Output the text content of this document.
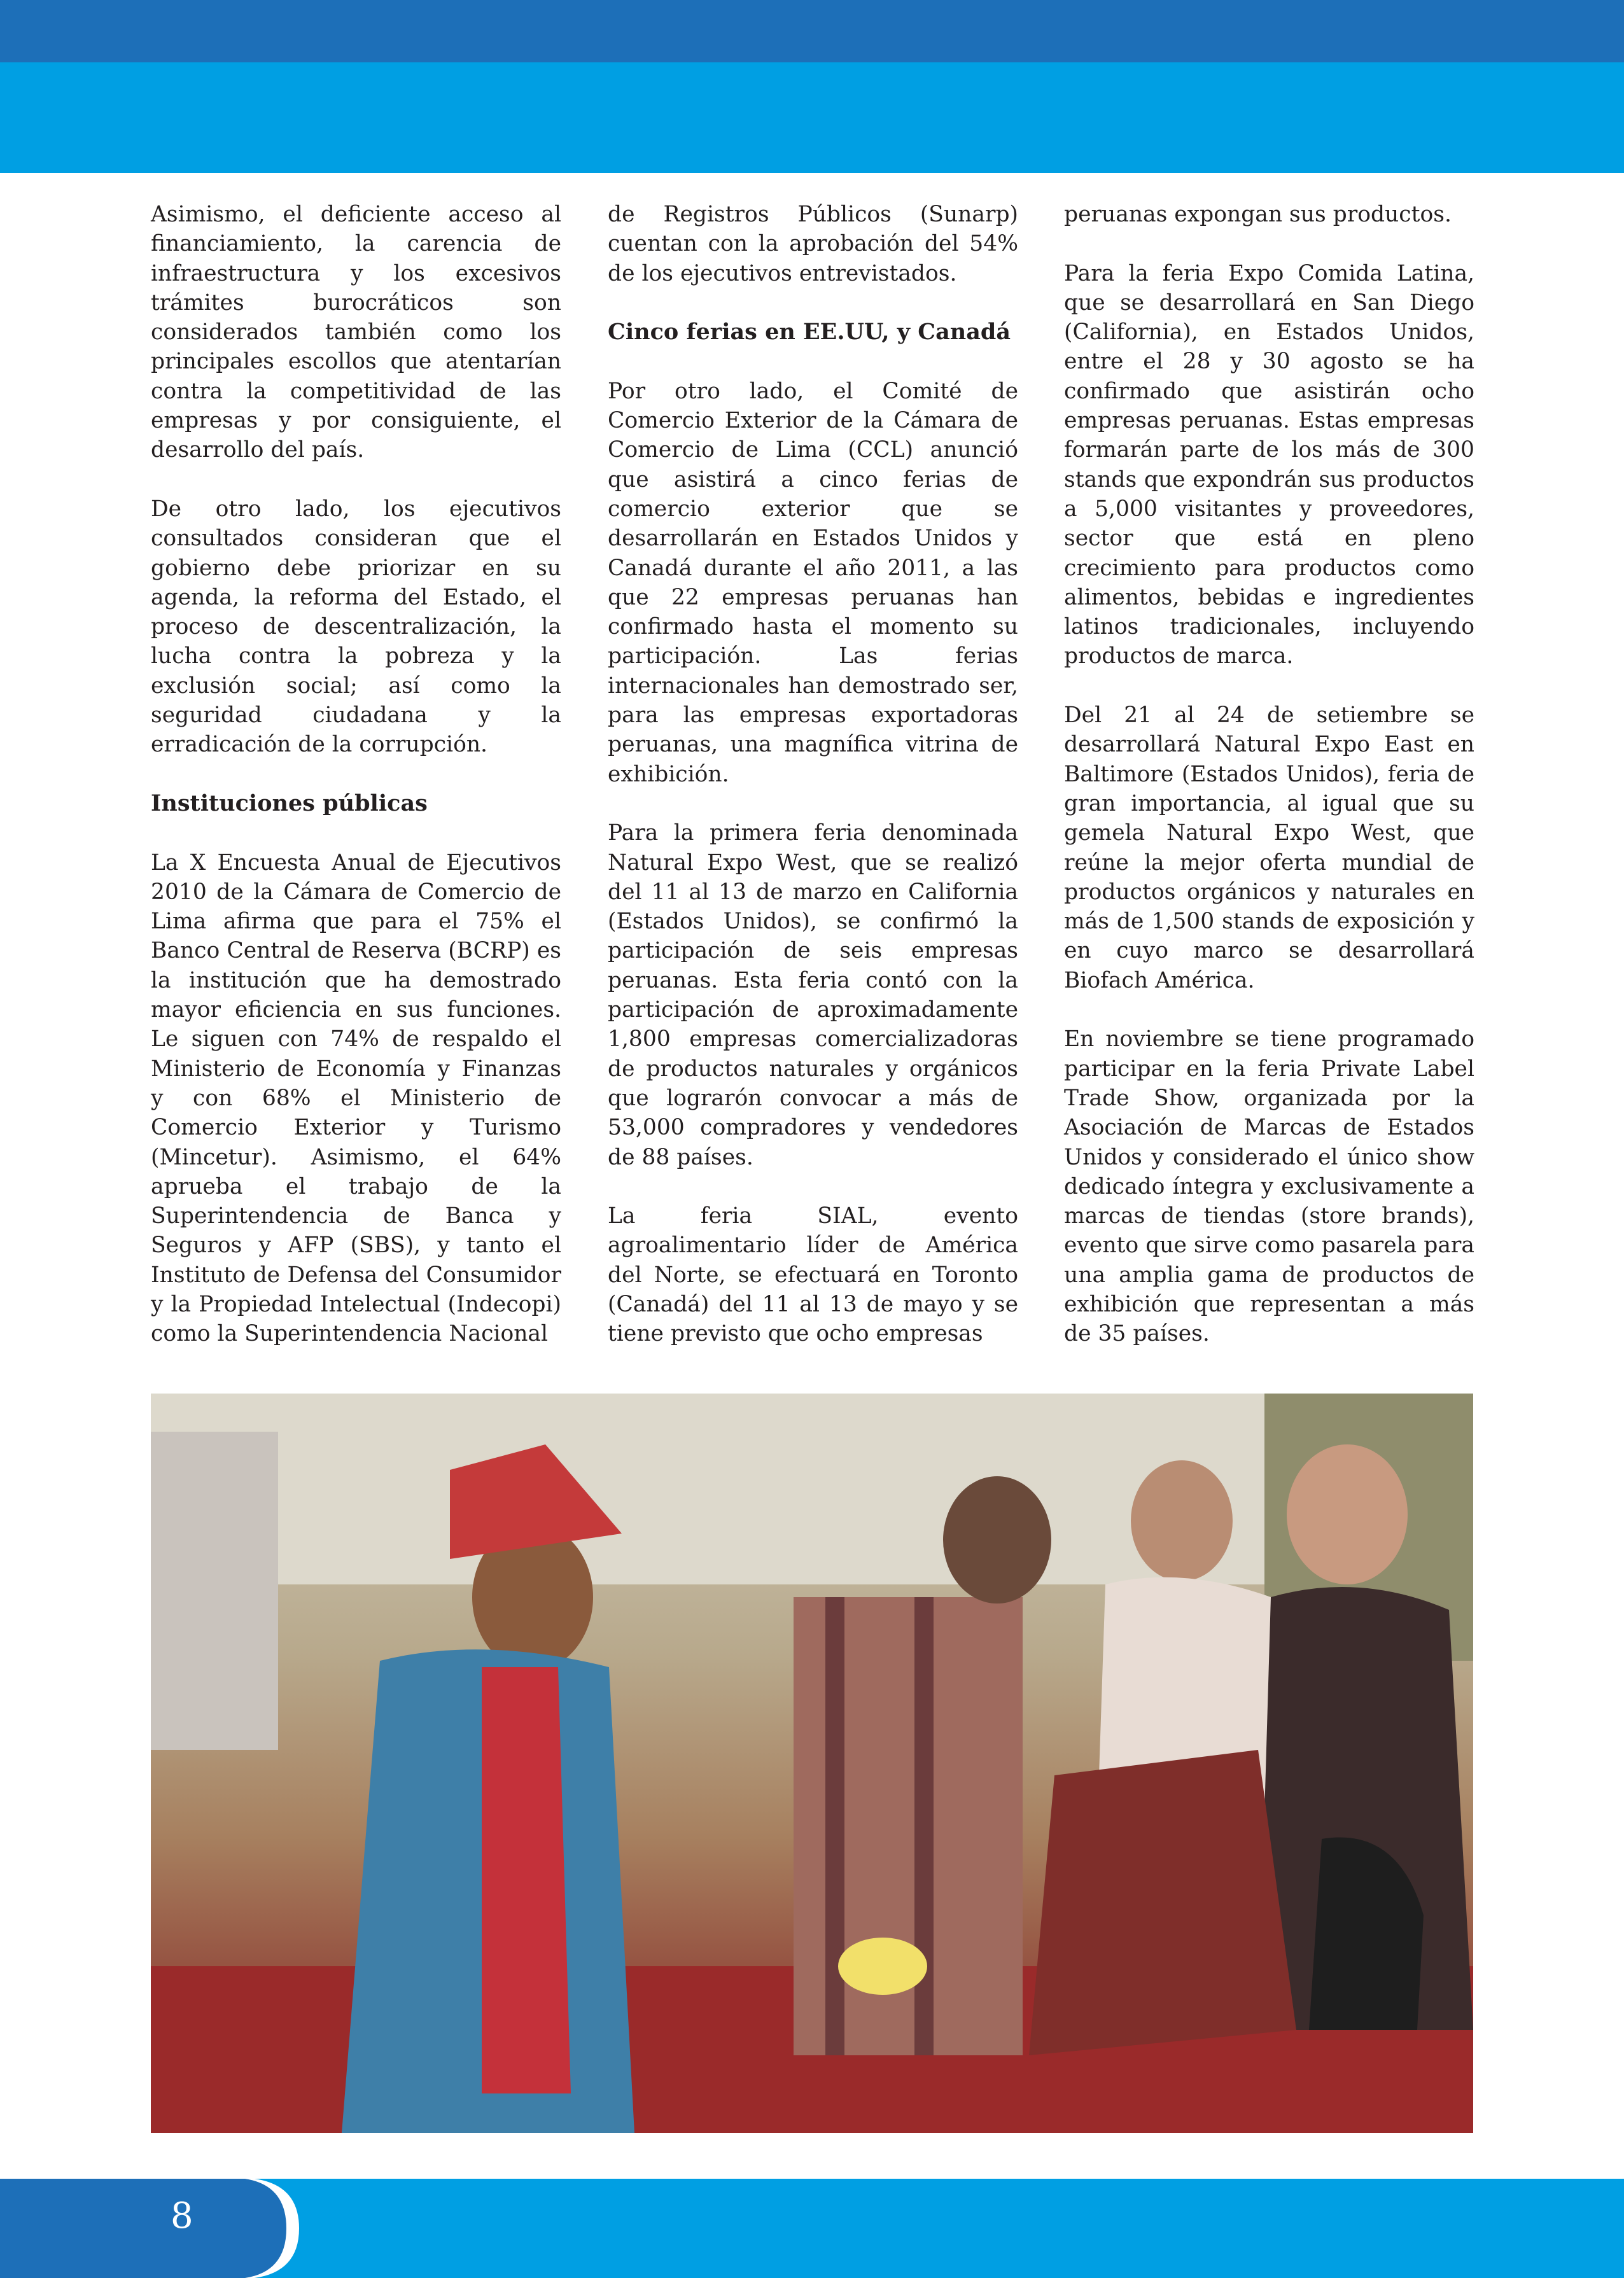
Asimismo, el deficiente acceso al financiamiento, la carencia de infraestructura y los excesivos trámites burocráticos son considerados también como los principales escollos que atentarían contra la competitividad de las empresas y por consiguiente, el desarrollo del país.

De otro lado, los ejecutivos consultados consideran que el gobierno debe priorizar en su agenda, la reforma del Estado, el proceso de descentralización, la lucha contra la pobreza y la exclusión social; así como la seguridad ciudadana y la erradicación de la corrupción.

Instituciones públicas

La X Encuesta Anual de Ejecutivos 2010 de la Cámara de Comercio de Lima afirma que para el 75% el Banco Central de Reserva (BCRP) es la institución que ha demostrado mayor eficiencia en sus funciones. Le siguen con 74% de respaldo el Ministerio de Economía y Finanzas y con 68% el Ministerio de Comercio Exterior y Turismo (Mincetur). Asimismo, el 64% aprueba el trabajo de la Superintendencia de Banca y Seguros y AFP (SBS), y tanto el Instituto de Defensa del Consumidor y la Propiedad Intelectual (Indecopi) como la Superintendencia Nacional

de Registros Públicos (Sunarp) cuentan con la aprobación del 54% de los ejecutivos entrevistados.

Cinco ferias en EE.UU, y Canadá

Por otro lado, el Comité de Comercio Exterior de la Cámara de Comercio de Lima (CCL) anunció que asistirá a cinco ferias de comercio exterior que se desarrollarán en Estados Unidos y Canadá durante el año 2011, a las que 22 empresas peruanas han confirmado hasta el momento su participación. Las ferias internacionales han demostrado ser, para las empresas exportadoras peruanas, una magnífica vitrina de exhibición.

Para la primera feria denominada Natural Expo West, que se realizó del 11 al 13 de marzo en California (Estados Unidos), se confirmó la participación de seis empresas peruanas. Esta feria contó con la participación de aproximadamente 1,800 empresas comercializadoras de productos naturales y orgánicos que lograrón convocar a más de 53,000 compradores y vendedores de 88 países.

La feria SIAL, evento agroalimentario líder de América del Norte, se efectuará en Toronto (Canadá) del 11 al 13 de mayo y se tiene previsto que ocho empresas

peruanas expongan sus productos.

Para la feria Expo Comida Latina, que se desarrollará en San Diego (California), en Estados Unidos, entre el 28 y 30 agosto se ha confirmado que asistirán ocho empresas peruanas. Estas empresas formarán parte de los más de 300 stands que expondrán sus productos a 5,000 visitantes y proveedores, sector que está en pleno crecimiento para productos como alimentos, bebidas e ingredientes latinos tradicionales, incluyendo productos de marca.

Del 21 al 24 de setiembre se desarrollará Natural Expo East en Baltimore (Estados Unidos), feria de gran importancia, al igual que su gemela Natural Expo West, que reúne la mejor oferta mundial de productos orgánicos y naturales en más de 1,500 stands de exposición y en cuyo marco se desarrollará Biofach América.

En noviembre se tiene programado participar en la feria Private Label Trade Show, organizada por la Asociación de Marcas de Estados Unidos y considerado el único show dedicado íntegra y exclusivamente a marcas de tiendas (store brands), evento que sirve como pasarela para una amplia gama de productos de exhibición que representan a más de 35 países.

8
